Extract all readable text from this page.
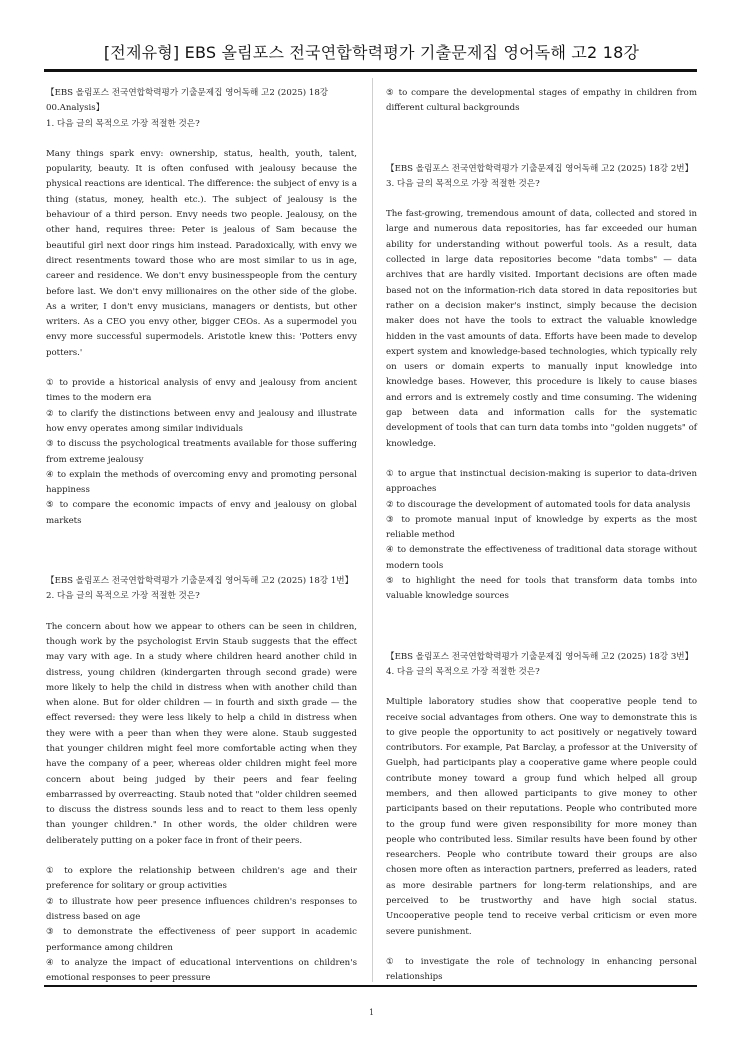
[전제유형] EBS 올림포스 전국연합학력평가 기출문제집 영어독해 고2 18강

【EBS 올림포스 전국연합학력평가 기출문제집 영어독해 고2 (2025) 18강 00.Analysis】

1. 다음 글의 목적으로 가장 적절한 것은?

Many things spark envy: ownership, status, health, youth, talent, popularity, beauty. It is often confused with jealousy because the physical reactions are identical. The difference: the subject of envy is a thing (status, money, health etc.). The subject of jealousy is the behaviour of a third person. Envy needs two people. Jealousy, on the other hand, requires three: Peter is jealous of Sam because the beautiful girl next door rings him instead. Paradoxically, with envy we direct resentments toward those who are most similar to us in age, career and residence. We don't envy businesspeople from the century before last. We don't envy millionaires on the other side of the globe. As a writer, I don't envy musicians, managers or dentists, but other writers. As a CEO you envy other, bigger CEOs. As a supermodel you envy more successful supermodels. Aristotle knew this: 'Potters envy potters.'

① to provide a historical analysis of envy and jealousy from ancient times to the modern era

② to clarify the distinctions between envy and jealousy and illustrate how envy operates among similar individuals

③ to discuss the psychological treatments available for those suffering from extreme jealousy

④ to explain the methods of overcoming envy and promoting personal happiness

⑤ to compare the economic impacts of envy and jealousy on global markets

【EBS 올림포스 전국연합학력평가 기출문제집 영어독해 고2 (2025) 18강 1번】

2. 다음 글의 목적으로 가장 적절한 것은?

The concern about how we appear to others can be seen in children, though work by the psychologist Ervin Staub suggests that the effect may vary with age. In a study where children heard another child in distress, young children (kindergarten through second grade) were more likely to help the child in distress when with another child than when alone. But for older children — in fourth and sixth grade — the effect reversed: they were less likely to help a child in distress when they were with a peer than when they were alone. Staub suggested that younger children might feel more comfortable acting when they have the company of a peer, whereas older children might feel more concern about being judged by their peers and fear feeling embarrassed by overreacting. Staub noted that "older children seemed to discuss the distress sounds less and to react to them less openly than younger children." In other words, the older children were deliberately putting on a poker face in front of their peers.

① to explore the relationship between children's age and their preference for solitary or group activities

② to illustrate how peer presence influences children's responses to distress based on age

③ to demonstrate the effectiveness of peer support in academic performance among children

④ to analyze the impact of educational interventions on children's emotional responses to peer pressure

⑤ to compare the developmental stages of empathy in children from different cultural backgrounds

【EBS 올림포스 전국연합학력평가 기출문제집 영어독해 고2 (2025) 18강 2번】

3. 다음 글의 목적으로 가장 적절한 것은?

The fast-growing, tremendous amount of data, collected and stored in large and numerous data repositories, has far exceeded our human ability for understanding without powerful tools. As a result, data collected in large data repositories become "data tombs" — data archives that are hardly visited. Important decisions are often made based not on the information-rich data stored in data repositories but rather on a decision maker's instinct, simply because the decision maker does not have the tools to extract the valuable knowledge hidden in the vast amounts of data. Efforts have been made to develop expert system and knowledge-based technologies, which typically rely on users or domain experts to manually input knowledge into knowledge bases. However, this procedure is likely to cause biases and errors and is extremely costly and time consuming. The widening gap between data and information calls for the systematic development of tools that can turn data tombs into "golden nuggets" of knowledge.

① to argue that instinctual decision-making is superior to data-driven approaches

② to discourage the development of automated tools for data analysis

③ to promote manual input of knowledge by experts as the most reliable method

④ to demonstrate the effectiveness of traditional data storage without modern tools

⑤ to highlight the need for tools that transform data tombs into valuable knowledge sources

【EBS 올림포스 전국연합학력평가 기출문제집 영어독해 고2 (2025) 18강 3번】

4. 다음 글의 목적으로 가장 적절한 것은?

Multiple laboratory studies show that cooperative people tend to receive social advantages from others. One way to demonstrate this is to give people the opportunity to act positively or negatively toward contributors. For example, Pat Barclay, a professor at the University of Guelph, had participants play a cooperative game where people could contribute money toward a group fund which helped all group members, and then allowed participants to give money to other participants based on their reputations. People who contributed more to the group fund were given responsibility for more money than people who contributed less. Similar results have been found by other researchers. People who contribute toward their groups are also chosen more often as interaction partners, preferred as leaders, rated as more desirable partners for long-term relationships, and are perceived to be trustworthy and have high social status. Uncooperative people tend to receive verbal criticism or even more severe punishment.

① to investigate the role of technology in enhancing personal relationships

1
